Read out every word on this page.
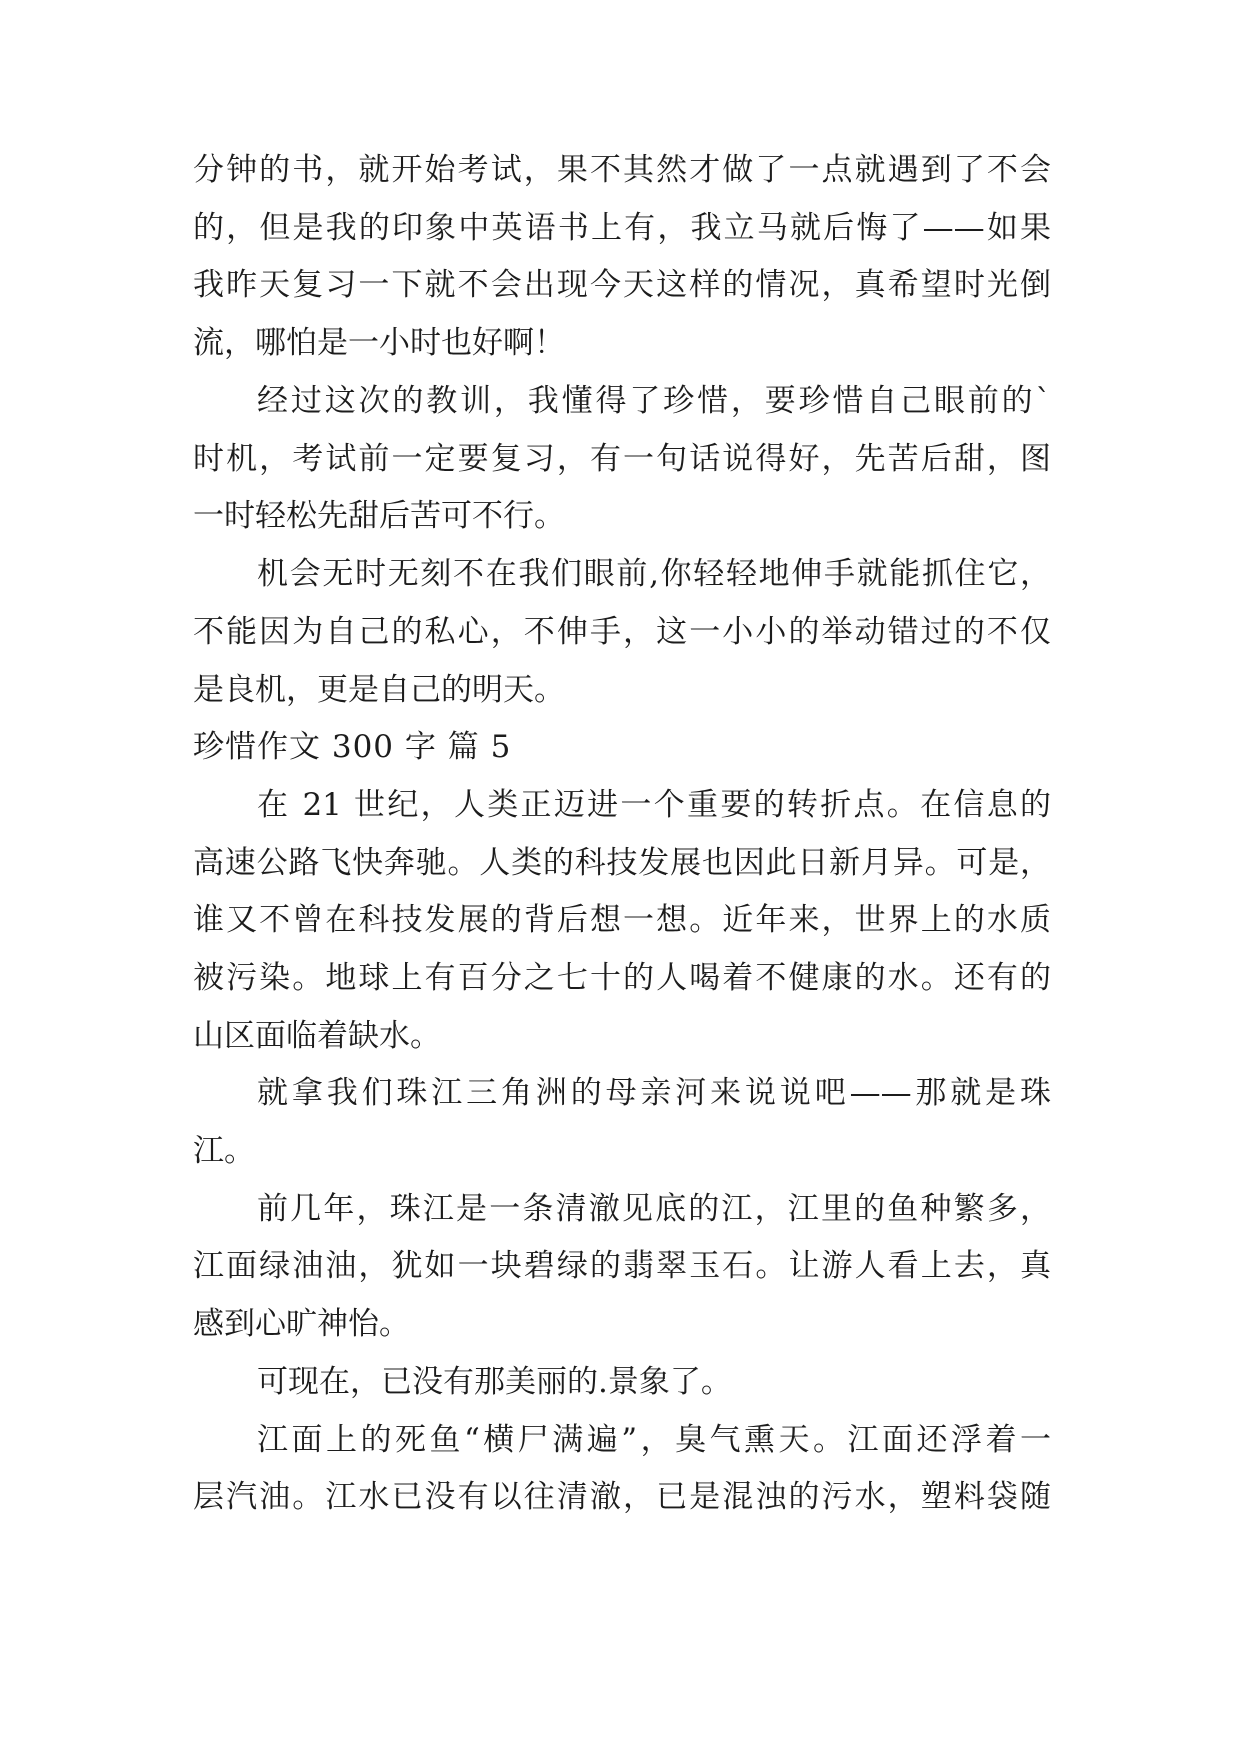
分钟的书，就开始考试，果不其然才做了一点就遇到了不会
的，但是我的印象中英语书上有，我立马就后悔了——如果
我昨天复习一下就不会出现今天这样的情况，真希望时光倒
流，哪怕是一小时也好啊！
经过这次的教训，我懂得了珍惜，要珍惜自己眼前的`
时机，考试前一定要复习，有一句话说得好，先苦后甜，图
一时轻松先甜后苦可不行。
机会无时无刻不在我们眼前,你轻轻地伸手就能抓住它，
不能因为自己的私心，不伸手，这一小小的举动错过的不仅
是良机，更是自己的明天。
珍惜作文 300 字 篇 5
在 21 世纪，人类正迈进一个重要的转折点。在信息的
高速公路飞快奔驰。人类的科技发展也因此日新月异。可是，
谁又不曾在科技发展的背后想一想。近年来，世界上的水质
被污染。地球上有百分之七十的人喝着不健康的水。还有的
山区面临着缺水。
就拿我们珠江三角洲的母亲河来说说吧——那就是珠
江。
前几年，珠江是一条清澈见底的江，江里的鱼种繁多，
江面绿油油，犹如一块碧绿的翡翠玉石。让游人看上去，真
感到心旷神怡。
可现在，已没有那美丽的.景象了。
江面上的死鱼“横尸满遍”，臭气熏天。江面还浮着一
层汽油。江水已没有以往清澈，已是混浊的污水，塑料袋随
